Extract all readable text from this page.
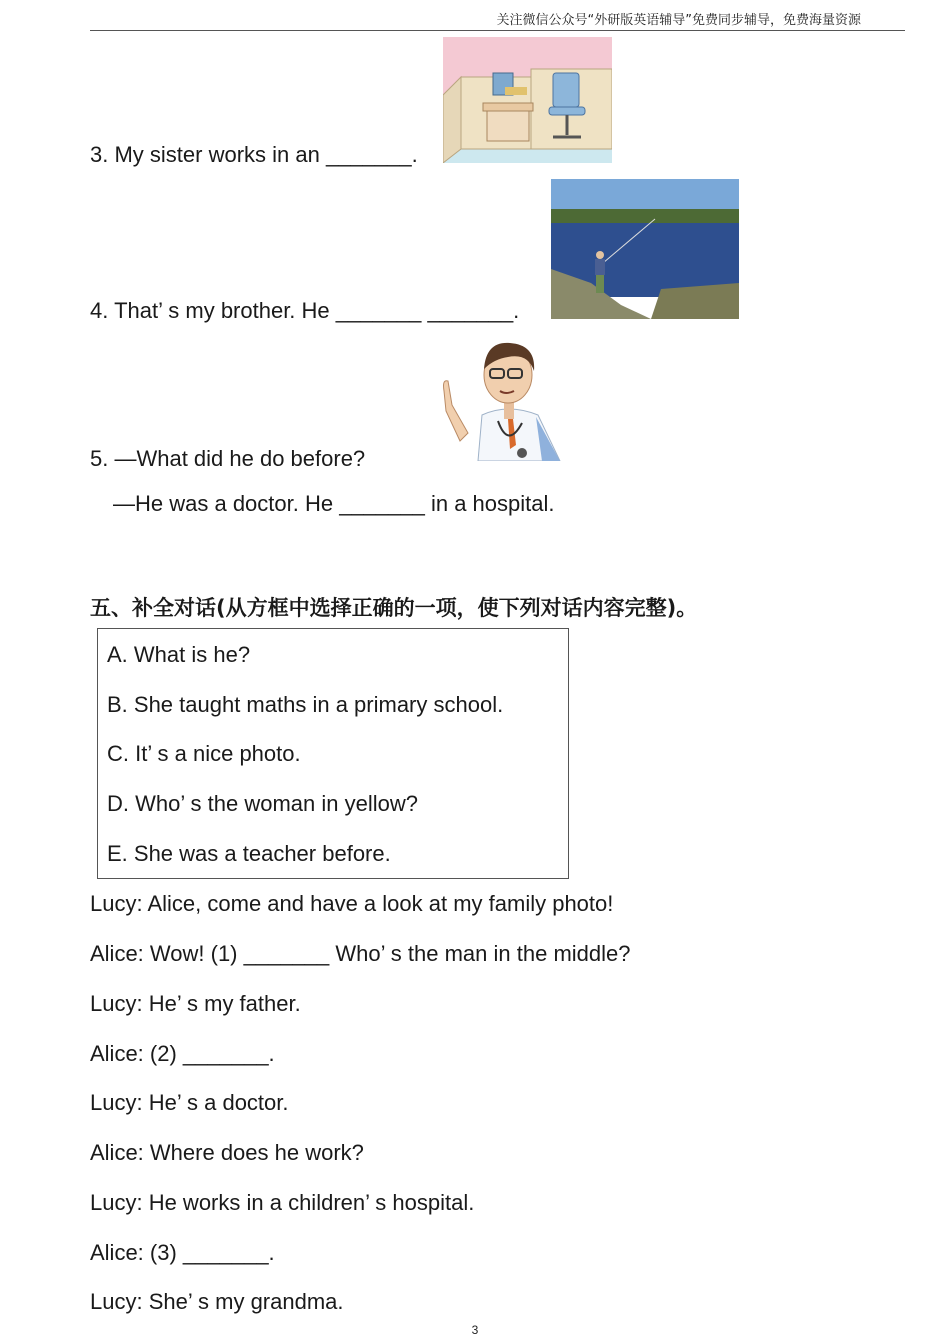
关注微信公众号“外研版英语辅导”免费同步辅导，免费海量资源
3. My sister works in an _______.
4. That’ s my brother. He _______ _______.
5. —What did he do before?
—He was a doctor. He _______ in a hospital.
五、补全对话(从方框中选择正确的一项，使下列对话内容完整)。
A. What is he?
B. She taught maths in a primary school.
C. It’ s a nice photo.
D. Who’ s the woman in yellow?
E. She was a teacher before.
Lucy: Alice, come and have a look at my family photo!
Alice: Wow! (1) _______ Who’ s the man in the middle?
Lucy: He’ s my father.
Alice: (2) _______.
Lucy: He’ s a doctor.
Alice: Where does he work?
Lucy: He works in a children’ s hospital.
Alice: (3) _______.
Lucy: She’ s my grandma.
3
